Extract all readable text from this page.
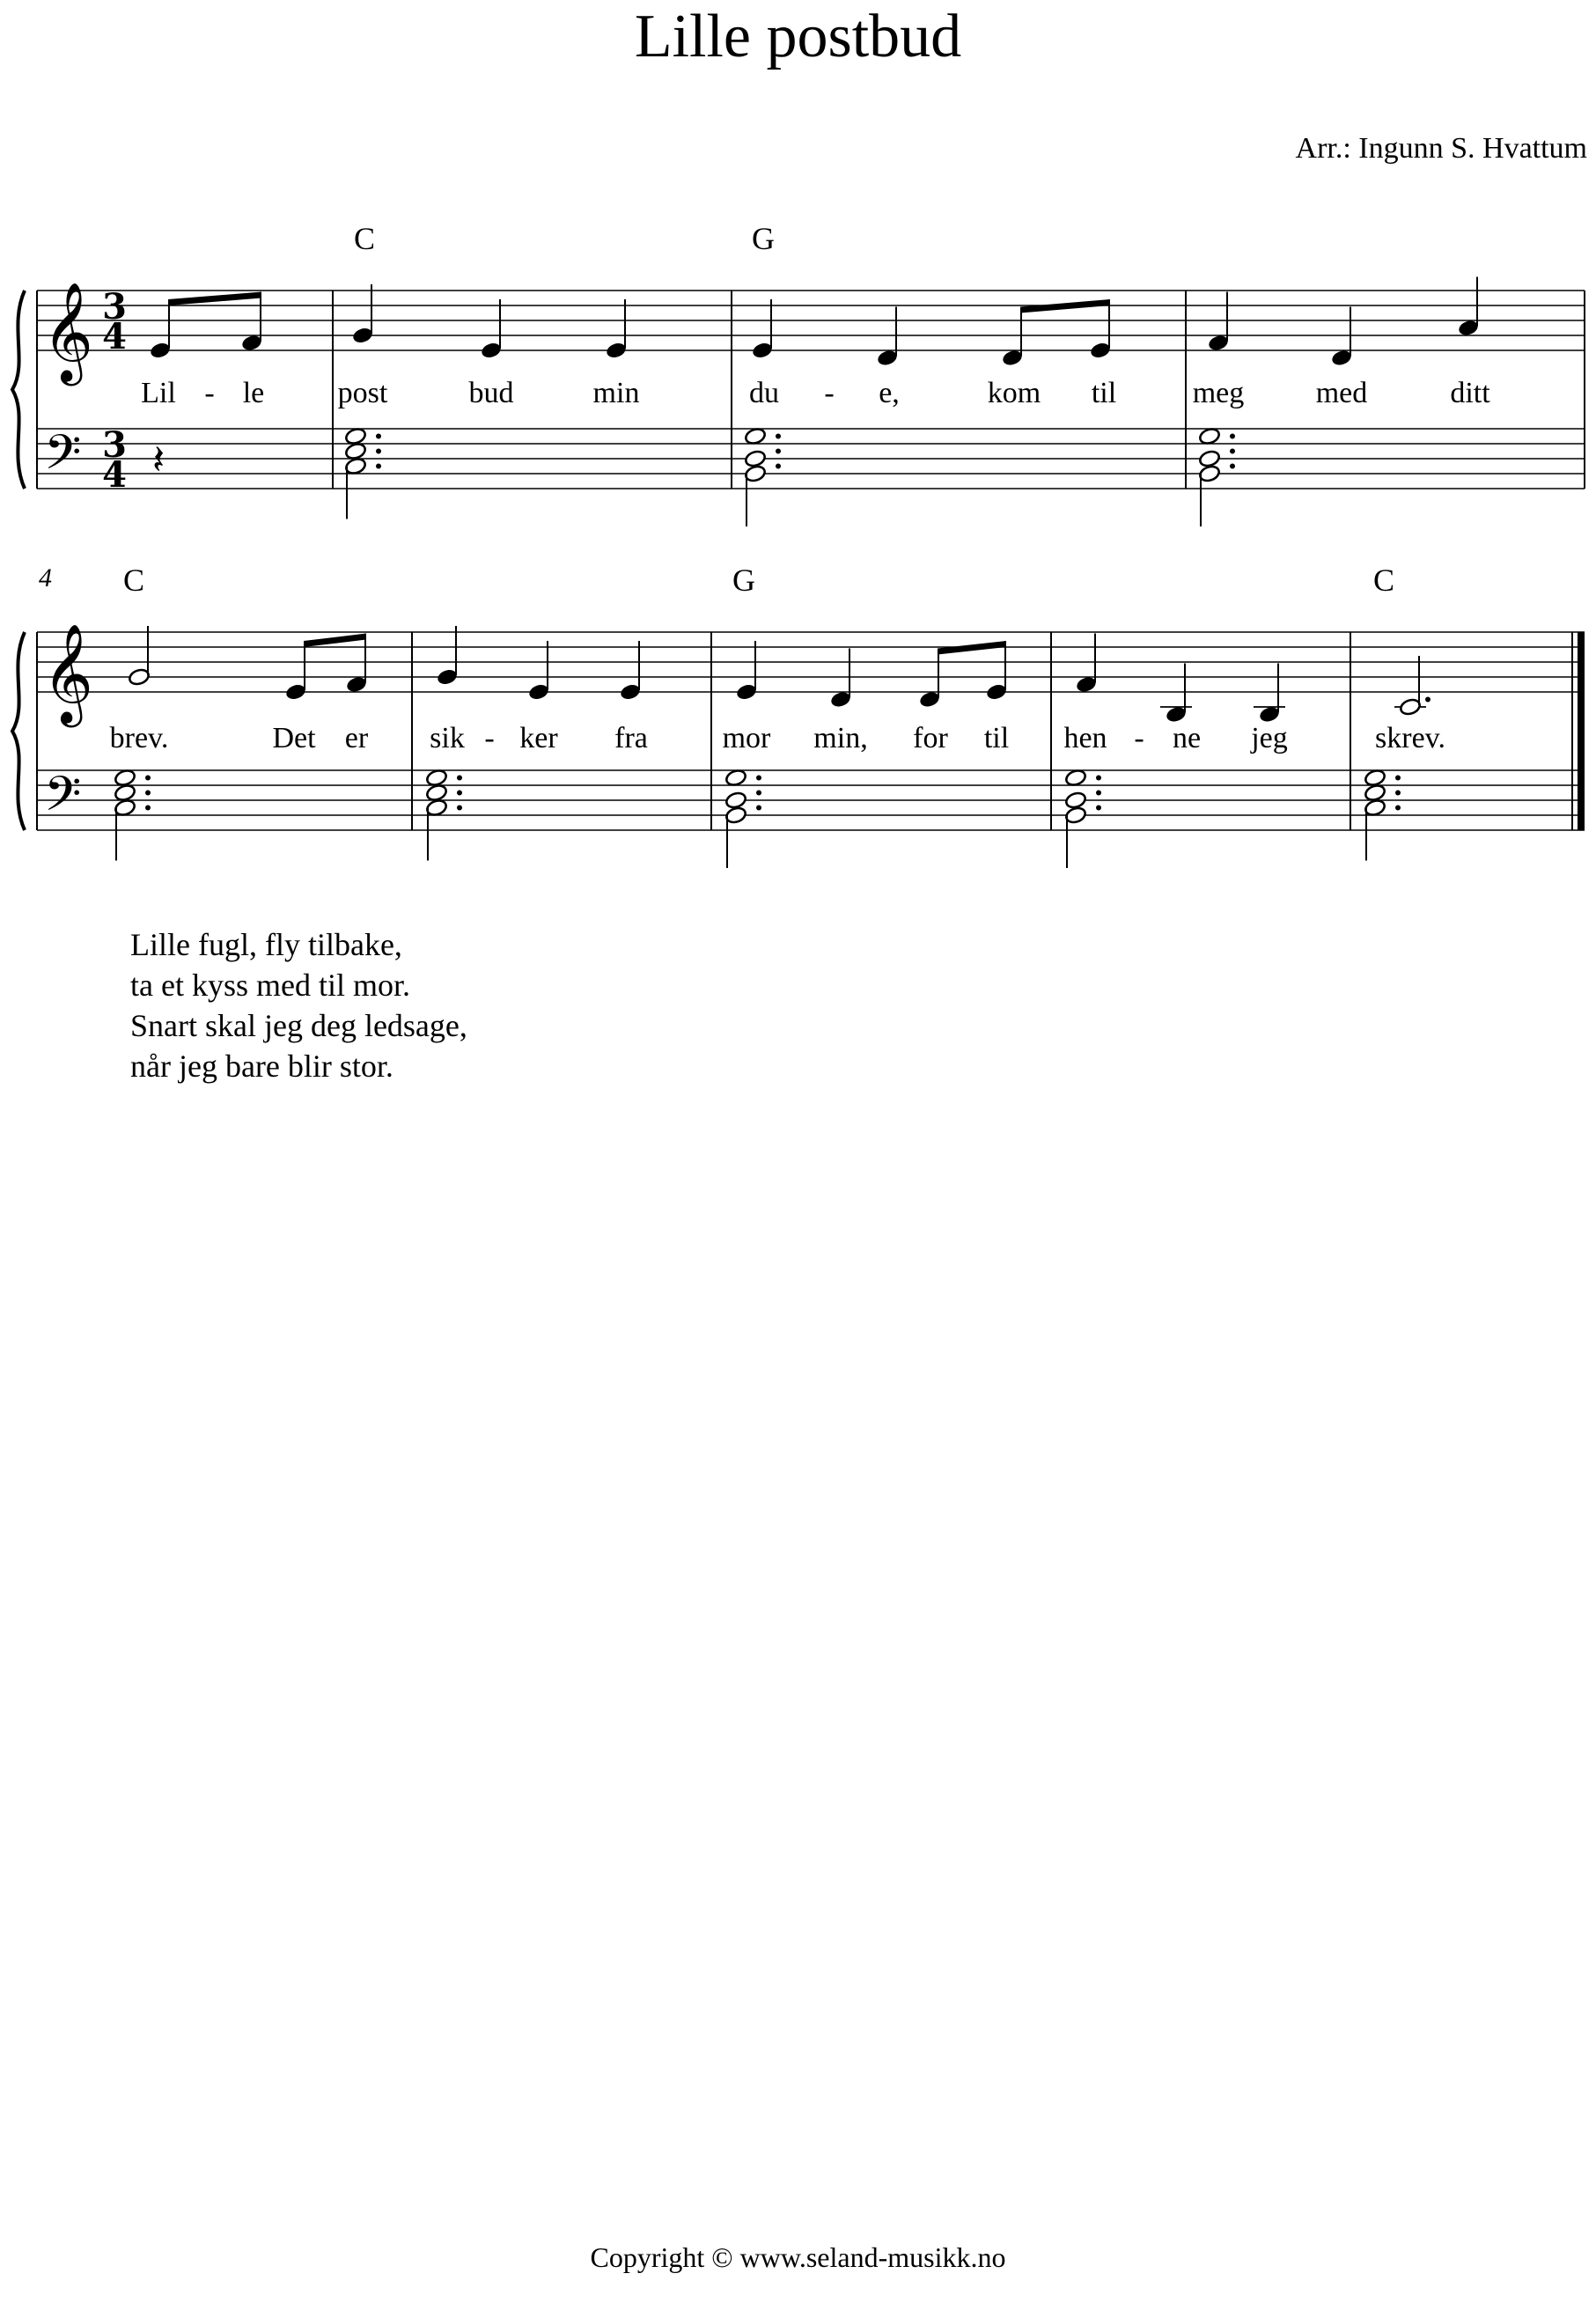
Lille postbud
Arr.: Ingunn S. Hvattum
𝄞
𝄢
3
4
3
4 𝄽
𝄞
𝄢
4
C	G
Lil - le post	bud	min	du - e,	kom til	meg med	ditt
C	G	C
brev.	Det er sik - ker fra mor min, for til hen - ne jeg	skrev.
Lille fugl, fly tilbake,
ta et kyss med til mor.
Snart skal jeg deg ledsage,
når jeg bare blir stor.
Copyright © www.seland-musikk.no
